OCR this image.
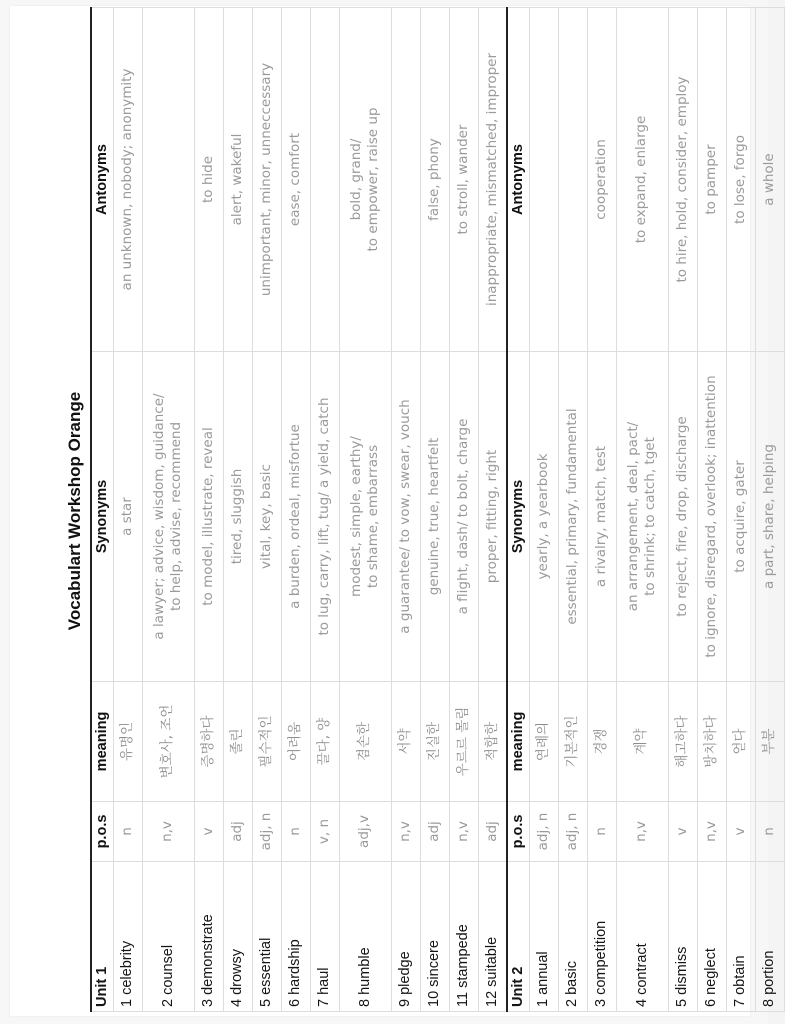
Vocabulart Workshop Orange
Unit 1	p.o.s	meaning	Synonyms	Antonyms
1 celebrity	n	유명인	a star	an unknown, nobody; anonymity

2 counsel	n,v	변호사, 조언	a lawyer; advice, wisdom, guidance/ to help, advise, recommend	

3 demonstrate	v	증명하다	to model, illustrate, reveal	to hide

4 drowsy	adj	졸린	tired, sluggish	alert, wakeful

5 essential	adj, n	필수적인	vital, key, basic	unimportant, minor, unneccessary

6 hardship	n	어려움	a burden, ordeal, misfortue	ease, comfort

7 haul	v, n	끌다, 양	to lug, carry, lift, tug/ a yield, catch	

8 humble	adj,v	겸손한	modest, simple, earthy/ to shame, embarrass	bold, grand/ to empower, raise up

9 pledge	n,v	서약	a guarantee/ to vow, swear, vouch	

10 sincere	adj	진실한	genuine, true, heartfelt	false, phony

11 stampede	n,v	우르르 몰림	a flight, dash/ to bolt, charge	to stroll, wander

12 suitable	adj	적합한	proper, fitting, right	inappropriate, mismatched, improper

Unit 2	p.o.s	meaning	Synonyms	Antonyms
1 annual	adj, n	연례의	yearly, a yearbook	

2 basic	adj, n	기본적인	essential, primary, fundamental	

3 competition	n	경쟁	a rivalry, match, test	cooperation

4 contract	n,v	계약	an arrangement, deal, pact/ to shrink; to catch, tget	to expand, enlarge

5 dismiss	v	해고하다	to reject, fire, drop, discharge	to hire, hold, consider, employ

6 neglect	n,v	방치하다	to ignore, disregard, overlook; inattention	to pamper

7 obtain	v	얻다	to acquire, gater	to lose, forgo

8 portion	n	부분	a part, share, helping	a whole
